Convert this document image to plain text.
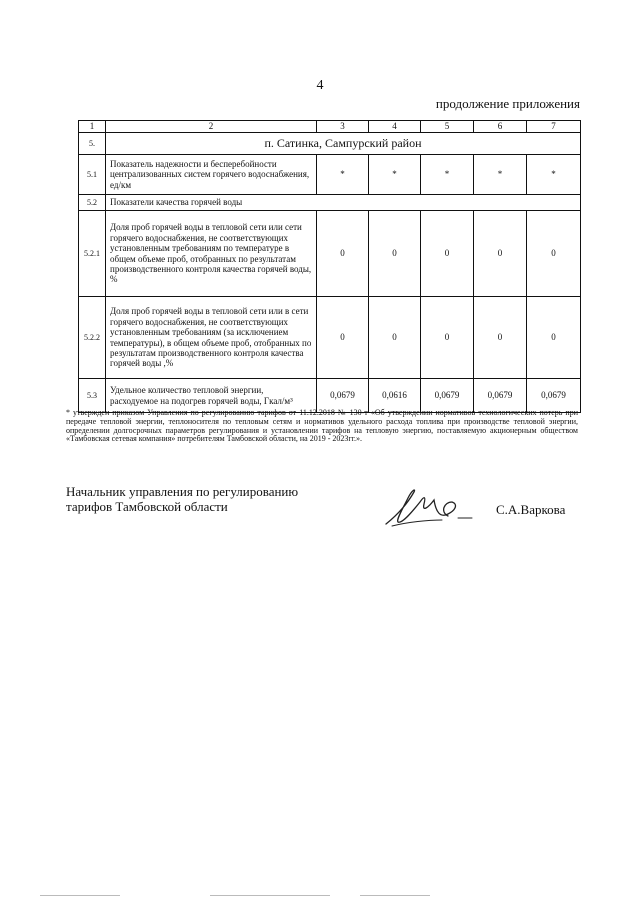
4
продолжение приложения
1	2	3	4	5	6	7
5.	п. Сатинка, Сампурский район					
5.1	Показатель надежности и бесперебойности централизованных систем горячего водоснабжения, ед/км	*	*	*	*	*
5.2	Показатели качества горячей воды					
5.2.1	Доля проб горячей воды в тепловой сети или сети горячего водоснабжения, не соответствующих установленным требованиям по температуре в общем объеме проб, отобранных по результатам производственного контроля качества горячей воды, %	0	0	0	0	0
5.2.2	Доля проб горячей воды в тепловой сети или в сети горячего водоснабжения, не соответствующих установленным требованиям (за исключением температуры), в общем объеме проб, отобранных по результатам производственного контроля качества горячей воды ,%	0	0	0	0	0
5.3	Удельное количество тепловой энергии, расходуемое на подогрев горячей воды, Гкал/м³	0,0679	0,0616	0,0679	0,0679	0,0679
* утвержден приказом Управления по регулированию тарифов от 11.12.2018 № 130-т «Об утверждении нормативов технологических потерь при передаче тепловой энергии, теплоносителя по тепловым сетям и нормативов удельного расхода топлива при производстве тепловой энергии, определении долгосрочных параметров регулирования и установлении тарифов на тепловую энергию, поставляемую акционерным обществом «Тамбовская сетевая компания» потребителям Тамбовской области, на 2019 - 2023гг.».
Начальник управления по регулированию
тарифов Тамбовской области	С.А.Варкова
